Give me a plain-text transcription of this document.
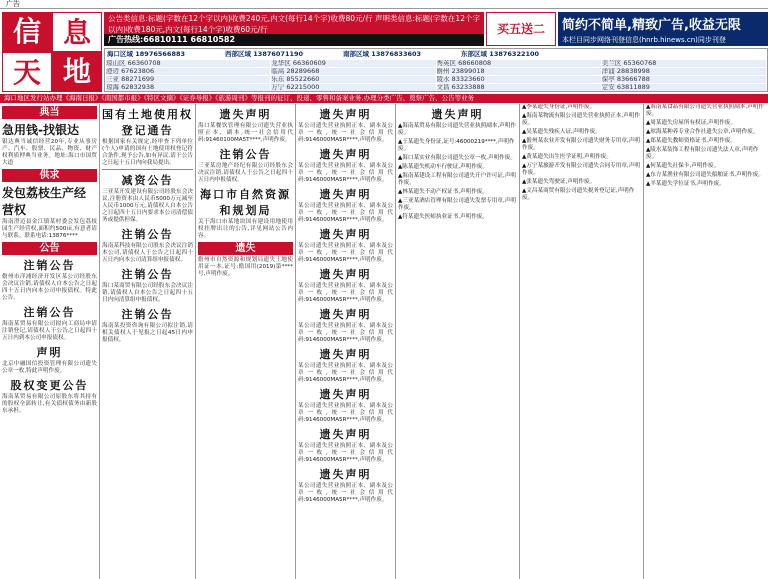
广告
信 息
天 地
公告类信息:标题(字数在12个字以内)收费240元,内文(每行14个字)收费80元/行 声明类信息:标题(字数在12个字以内)收费180元,内文(每行14个字)收费60元/行
广告热线:66810111 66810582
买五送二	简约不简单,精致广告,收益无限
本栏目同步网络刊登信息(hnrb.hinews.cn)同步刊登
海口区域 18976566883	西部区域 13876071190	南部区域 13876833603	东部区域 13876322100
琼山区 66360708	龙华区 66360609	秀英区 68660808	美兰区 65360768
澄迈 67623806	临高 28289668	儋州 23899018	洋浦 28838998
三亚 88271699	乐东 85522660	陵水 83323660	保亭 83666788
琼海 62832938	万宁 62215000	文昌 63233888	定安 63811889
海口地区发行站办理《海南日报》《南国都市报》《特区文摘》《证券导报》《旅游周刊》等报刊的征订、投递、零售和备案业务,办理分类广告、奠祭广告、公告等业务
典当
急用钱-找银达
银达典当诚信经营20年,专业从事房产、汽车、股票、民品、物资、财产权利质押典当业务。地址:海口市国贸大道
供求
发包荔枝生产经营权
海南澄迈县金江镇某村委会发包荔枝园生产经营权,面积约500亩,有意者请与联系。联系电话:13876****
公告
注销公告
儋州市洋浦经济开发区某公司经股东会决议注销,请债权人自本公告之日起四十五日内向本公司申报债权。特此公告。
注销公告
海南某贸易有限公司拟向工商局申请注销登记,请债权人于公告之日起四十五日内到本公司申报债权。
声明
北京中融国信投资管理有限公司遗失公章一枚,特此声明作废。
股权变更公告
海南某贸易有限公司原股东将其持有的股权全部转让,有关债权债务由新股东承担。
国有土地使用权登记通告
根据国家有关规定,经审查下列单位(个人)申请的国有土地使用权登记符合条件,现予公告,如有异议,请于公告之日起十五日内向我局提出。
减资公告
三亚某开发建设有限公司经股东会决议,注册资本由人民币5000万元减至人民币1000万元,请债权人自本公告之日起四十五日内要求本公司清偿债务或提供担保。
注销公告
海南某科技有限公司股东会决议注销本公司,请债权人于公告之日起四十五日内向本公司清算组申报债权。
注销公告
海口某商贸有限公司经股东会决议注销,请债权人自本公告之日起四十五日内向清算组申报债权。
注销公告
海南某投资咨询有限公司拟注销,请相关债权人于见报之日起45日内申报债权。
遗失声明
海口某餐饮管理有限公司遗失营业执照正本、副本,统一社会信用代码:91460100MA5T****,声明作废。
注销公告
三亚某房地产经纪有限公司经股东会决议注销,请债权人于公告之日起四十五日内申报债权。
海口市自然资源和规划局
关于海口市某地块国有建设用地使用权挂牌出让的公告,详见网站公告内容。
遗失
儋州市自然资源和规划局遗失土地使用证一本,证号:儋国用(2019)第****号,声明作废。
遗失声明
某公司遗失营业执照正本、副本及公章一枚,统一社会信用代码:9146000MA5R****,声明作废。
遗失声明
某公司遗失营业执照正本、副本及公章一枚,统一社会信用代码:9146000MA5R****,声明作废。
遗失声明
某公司遗失营业执照正本、副本及公章一枚,统一社会信用代码:9146000MA5R****,声明作废。
遗失声明
某公司遗失营业执照正本、副本及公章一枚,统一社会信用代码:9146000MA5R****,声明作废。
遗失声明
某公司遗失营业执照正本、副本及公章一枚,统一社会信用代码:9146000MA5R****,声明作废。
遗失声明
某公司遗失营业执照正本、副本及公章一枚,统一社会信用代码:9146000MA5R****,声明作废。
遗失声明
某公司遗失营业执照正本、副本及公章一枚,统一社会信用代码:9146000MA5R****,声明作废。
遗失声明
某公司遗失营业执照正本、副本及公章一枚,统一社会信用代码:9146000MA5R****,声明作废。
遗失声明
某公司遗失营业执照正本、副本及公章一枚,统一社会信用代码:9146000MA5R****,声明作废。
遗失声明
某公司遗失营业执照正本、副本及公章一枚,统一社会信用代码:9146000MA5R****,声明作废。
遗失声明
▲海南某贸易有限公司遗失营业执照副本,声明作废。
▲王某遗失身份证,证号:46000219****,声明作废。
▲海口某实业有限公司遗失公章一枚,声明作废。
▲陈某遗失机动车行驶证,声明作废。
▲海南某建设工程有限公司遗失开户许可证,声明作废。
▲林某遗失不动产权证书,声明作废。
▲三亚某酒店管理有限公司遗失发票专用章,声明作废。
▲符某遗失医师执业证书,声明作废。
▲李某遗失身份证,声明作废。
▲海南某物流有限公司遗失营业执照正本,声明作废。
▲吴某遗失残疾人证,声明作废。
▲儋州某农业开发有限公司遗失财务专用章,声明作废。
▲黄某遗失出生医学证明,声明作废。
▲万宁某旅游开发有限公司遗失合同专用章,声明作废。
▲张某遗失驾驶证,声明作废。
▲文昌某商贸有限公司遗失税务登记证,声明作废。
▲海南某食品有限公司遗失营业执照副本,声明作废。
▲周某遗失房屋所有权证,声明作废。
▲琼海某种养专业合作社遗失公章,声明作废。
▲郑某遗失教师资格证书,声明作废。
▲陵水某装饰工程有限公司遗失法人章,声明作废。
▲何某遗失社保卡,声明作废。
▲东方某渔业有限公司遗失船舶证书,声明作废。
▲羊某遗失学位证书,声明作废。
